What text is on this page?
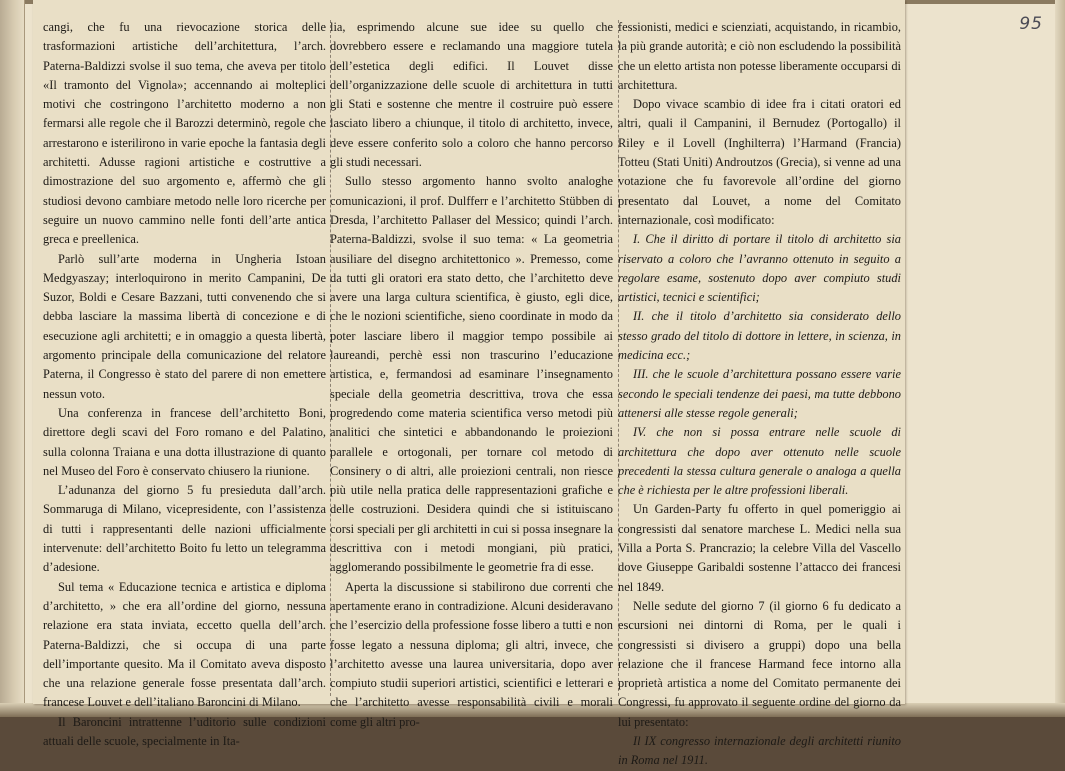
95

cangi, che fu una rievocazione storica delle trasformazioni artistiche dell’architettura, l’arch. Paterna-Baldizzi svolse il suo tema, che aveva per titolo «Il tramonto del Vignola»; accennando ai molteplici motivi che costringono l’architetto moderno a non fermarsi alle regole che il Barozzi determinò, regole che arrestarono e isterilirono in varie epoche la fantasia degli architetti. Adusse ragioni artistiche e costruttive a dimostrazione del suo argomento e, affermò che gli studiosi devono cambiare metodo nelle loro ricerche per seguire un nuovo cammino nelle fonti dell’arte antica greca e preellenica.

Parlò sull’arte moderna in Ungheria Istoan Medgyaszay; interloquirono in merito Campanini, De Suzor, Boldi e Cesare Bazzani, tutti convenendo che si debba lasciare la massima libertà di concezione e di esecuzione agli architetti; e in omaggio a questa libertà, argomento principale della comunicazione del relatore Paterna, il Congresso è stato del parere di non emettere nessun voto.

Una conferenza in francese dell’architetto Boni, direttore degli scavi del Foro romano e del Palatino, sulla colonna Traiana e una dotta illustrazione di quanto nel Museo del Foro è conservato chiusero la riunione.

L’adunanza del giorno 5 fu presieduta dall’arch. Sommaruga di Milano, vicepresidente, con l’assistenza di tutti i rappresentanti delle nazioni ufficialmente intervenute: dell’architetto Boito fu letto un telegramma d’adesione.

Sul tema « Educazione tecnica e artistica e diploma d’architetto, » che era all’ordine del giorno, nessuna relazione era stata inviata, eccetto quella dell’arch. Paterna-Baldizzi, che si occupa di una parte dell’importante quesito. Ma il Comitato aveva disposto che una relazione generale fosse presentata dall’arch. francese Louvet e dell’italiano Baroncini di Milano.

Il Baroncini intrattenne l’uditorio sulle condizioni attuali delle scuole, specialmente in Ita-

lia, esprimendo alcune sue idee su quello che dovrebbero essere e reclamando una maggiore tutela dell’estetica degli edifici. Il Louvet disse dell’organizzazione delle scuole di architettura in tutti gli Stati e sostenne che mentre il costruire può essere lasciato libero a chiunque, il titolo di architetto, invece, deve essere conferito solo a coloro che hanno percorso gli studi necessari.

Sullo stesso argomento hanno svolto analoghe comunicazioni, il prof. Dulfferr e l’architetto Stübben di Dresda, l’architetto Pallaser del Messico; quindi l’arch. Paterna-Baldizzi, svolse il suo tema: « La geometria ausiliare del disegno architettonico ». Premesso, come da tutti gli oratori era stato detto, che l’architetto deve avere una larga cultura scientifica, è giusto, egli dice, che le nozioni scientifiche, sieno coordinate in modo da poter lasciare libero il maggior tempo possibile ai laureandi, perchè essi non trascurino l’educazione artistica, e, fermandosi ad esaminare l’insegnamento speciale della geometria descrittiva, trova che essa progredendo come materia scientifica verso metodi più analitici che sintetici e abbandonando le proiezioni parallele e ortogonali, per tornare col metodo di Consinery o di altri, alle proiezioni centrali, non riesce più utile nella pratica delle rappresentazioni grafiche e delle costruzioni. Desidera quindi che si istituiscano corsi speciali per gli architetti in cui si possa insegnare la descrittiva con i metodi mongiani, più pratici, agglomerando possibilmente le geometrie fra di esse.

Aperta la discussione si stabilirono due correnti che apertamente erano in contradizione. Alcuni desideravano che l’esercizio della professione fosse libero a tutti e non fosse legato a nessuna diploma; gli altri, invece, che l’architetto avesse una laurea universitaria, dopo aver compiuto studii superiori artistici, scientifici e letterari e che l’architetto avesse responsabilità civili e morali come gli altri pro-

fessionisti, medici e scienziati, acquistando, in ricambio, la più grande autorità; e ciò non escludendo la possibilità che un eletto artista non potesse liberamente occuparsi di architettura.

Dopo vivace scambio di idee fra i citati oratori ed altri, quali il Campanini, il Bernudez (Portogallo) il Riley e il Lovell (Inghilterra) l’Harmand (Francia) Totteu (Stati Uniti) Androutzos (Grecia), si venne ad una votazione che fu favorevole all’ordine del giorno presentato dal Louvet, a nome del Comitato internazionale, così modificato:

I. Che il diritto di portare il titolo di architetto sia riservato a coloro che l’avranno ottenuto in seguito a regolare esame, sostenuto dopo aver compiuto studi artistici, tecnici e scientifici;

II. che il titolo d’architetto sia considerato dello stesso grado del titolo di dottore in lettere, in scienza, in medicina ecc.;

III. che le scuole d’architettura possano essere varie secondo le speciali tendenze dei paesi, ma tutte debbono attenersi alle stesse regole generali;

IV. che non si possa entrare nelle scuole di architettura che dopo aver ottenuto nelle scuole precedenti la stessa cultura generale o analoga a quella che è richiesta per le altre professioni liberali.

Un Garden-Party fu offerto in quel pomeriggio ai congressisti dal senatore marchese L. Medici nella sua Villa a Porta S. Prancrazio; la celebre Villa del Vascello dove Giuseppe Garibaldi sostenne l’attacco dei francesi nel 1849.

Nelle sedute del giorno 7 (il giorno 6 fu dedicato a escursioni nei dintorni di Roma, per le quali i congressisti si divisero a gruppi) dopo una bella relazione che il francese Harmand fece intorno alla proprietà artistica a nome del Comitato permanente dei Congressi, fu approvato il seguente ordine del giorno da lui presentato:

Il IX congresso internazionale degli architetti riunito in Roma nel 1911.
